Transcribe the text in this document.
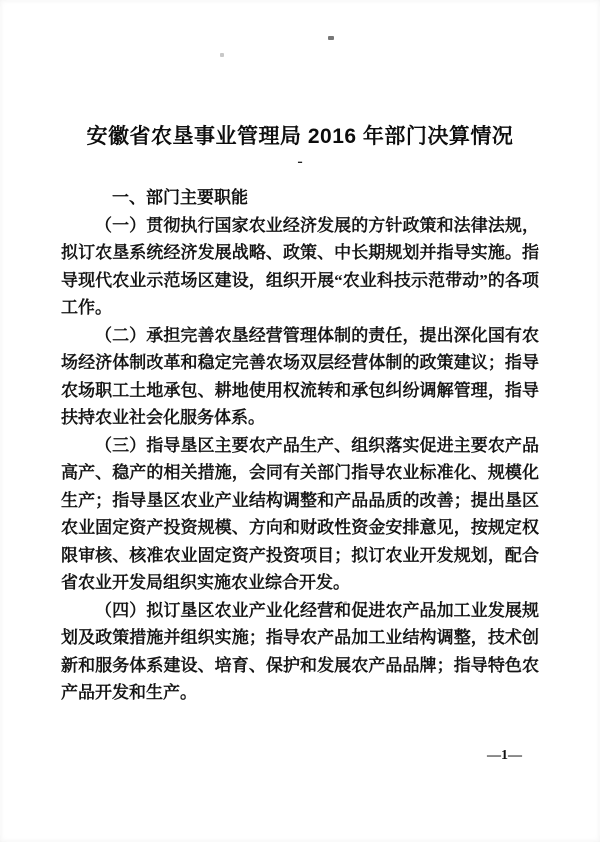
安徽省农垦事业管理局 2016 年部门决算情况
-

一、部门主要职能

（一）贯彻执行国家农业经济发展的方针政策和法律法规，拟订农垦系统经济发展战略、政策、中长期规划并指导实施。指导现代农业示范场区建设，组织开展“农业科技示范带动”的各项工作。

（二）承担完善农垦经营管理体制的责任，提出深化国有农场经济体制改革和稳定完善农场双层经营体制的政策建议；指导农场职工土地承包、耕地使用权流转和承包纠纷调解管理，指导扶持农业社会化服务体系。

（三）指导垦区主要农产品生产、组织落实促进主要农产品高产、稳产的相关措施，会同有关部门指导农业标准化、规模化生产；指导垦区农业产业结构调整和产品品质的改善；提出垦区农业固定资产投资规模、方向和财政性资金安排意见，按规定权限审核、核准农业固定资产投资项目；拟订农业开发规划，配合省农业开发局组织实施农业综合开发。

（四）拟订垦区农业产业化经营和促进农产品加工业发展规划及政策措施并组织实施；指导农产品加工业结构调整，技术创新和服务体系建设、培育、保护和发展农产品品牌；指导特色农产品开发和生产。

—1—
